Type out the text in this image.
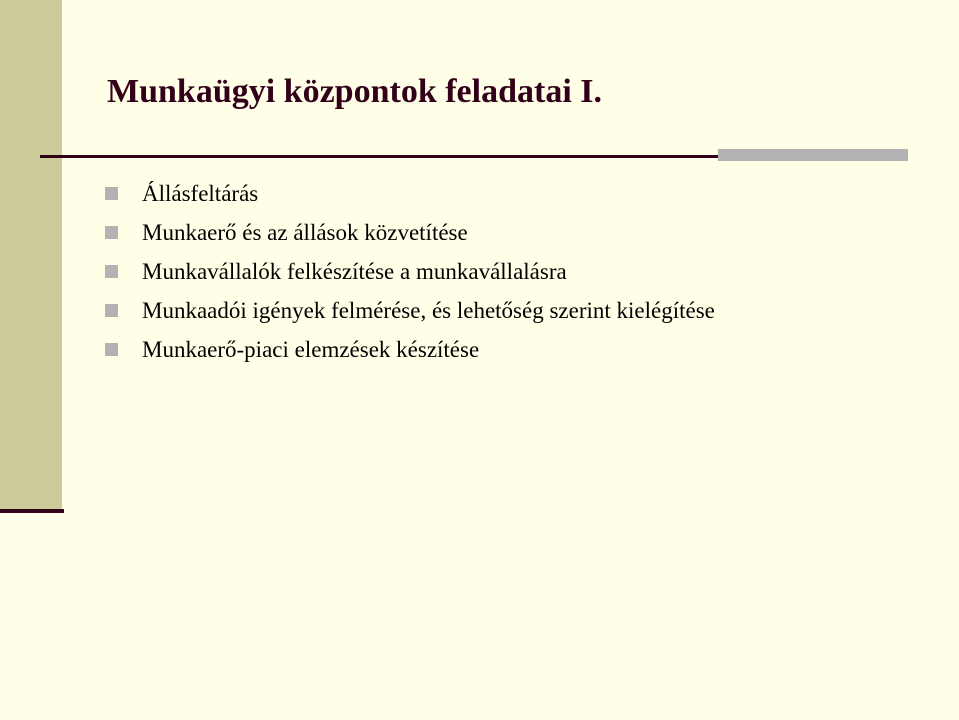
Munkaügyi központok feladatai I.
Állásfeltárás
Munkaerő és az állások közvetítése
Munkavállalók felkészítése a munkavállalásra
Munkaadói igények felmérése, és lehetőség szerint kielégítése
Munkaerő-piaci elemzések készítése
